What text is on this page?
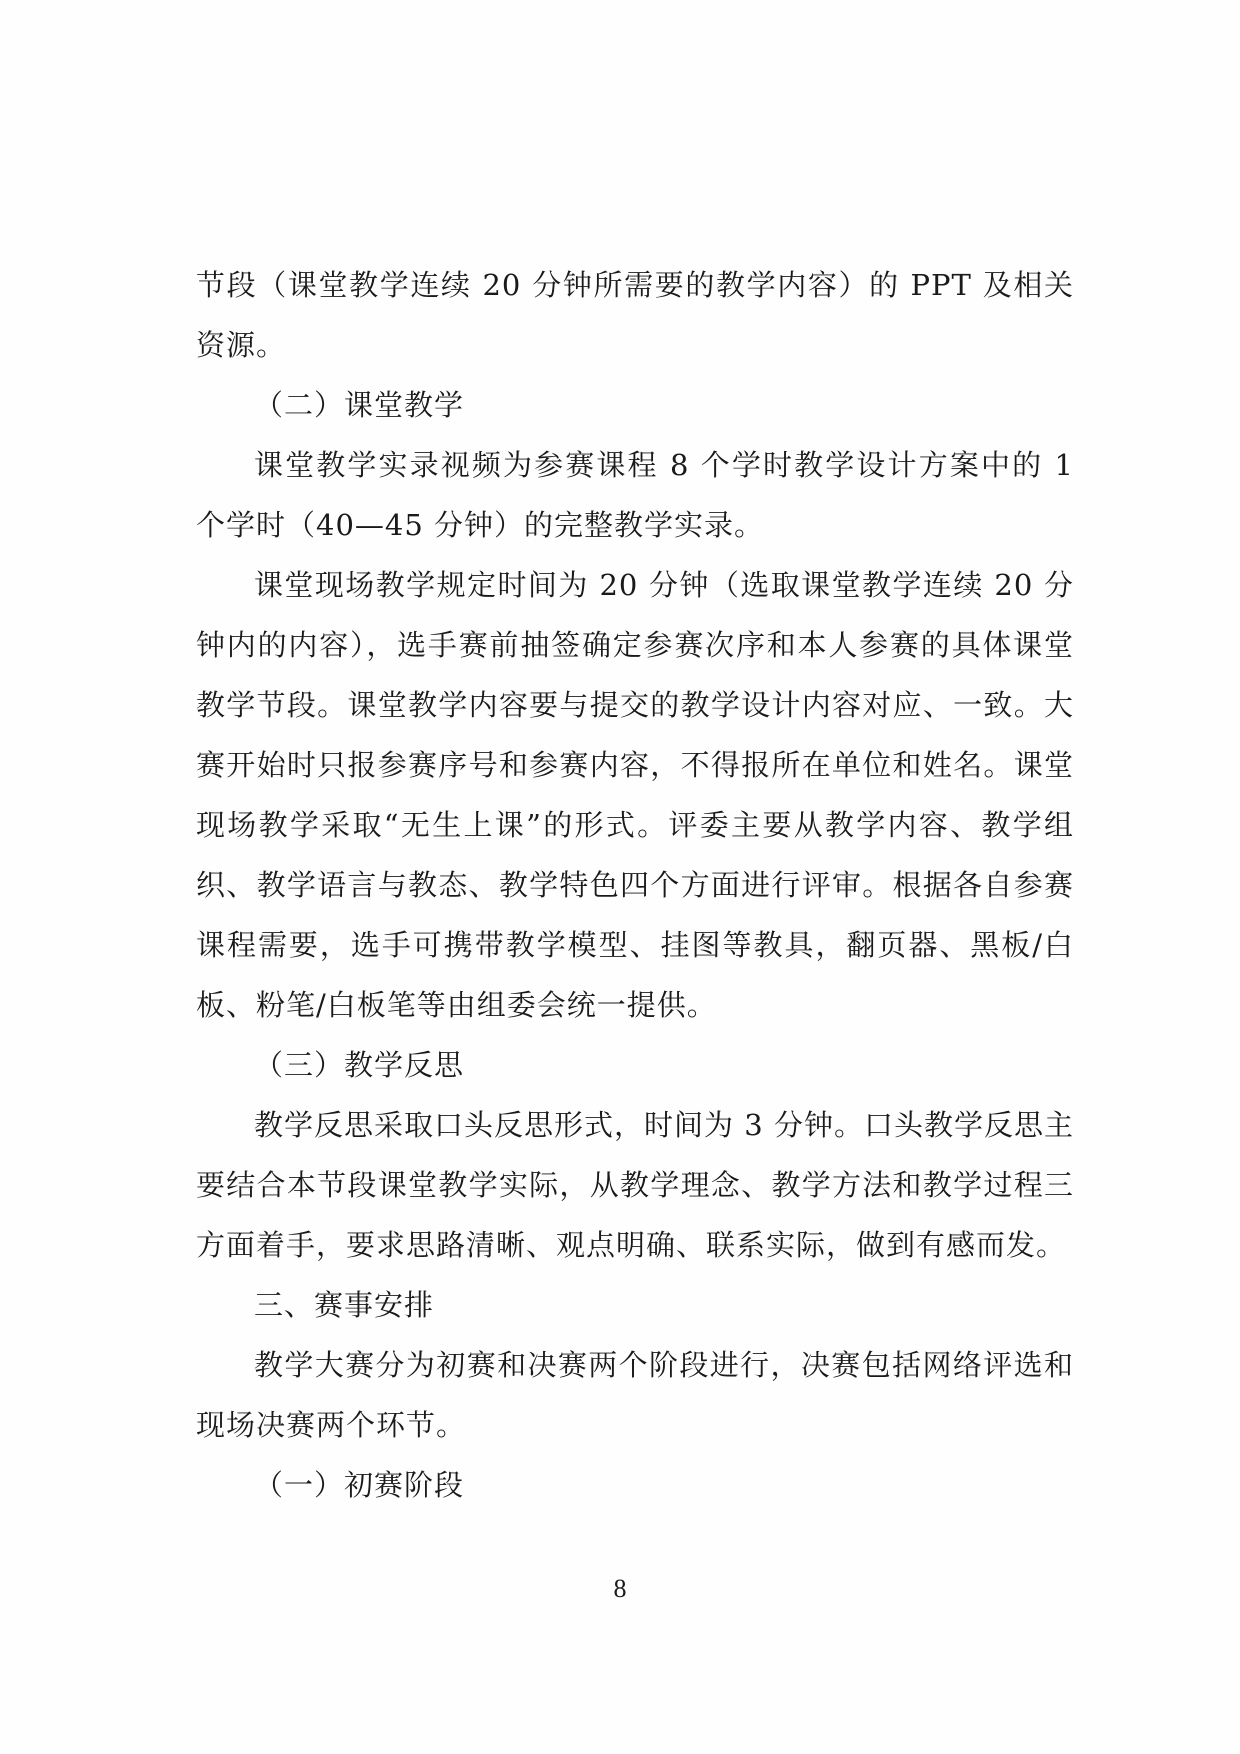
节段（课堂教学连续 20 分钟所需要的教学内容）的 PPT 及相关资源。

（二）课堂教学

课堂教学实录视频为参赛课程 8 个学时教学设计方案中的 1 个学时（40—45 分钟）的完整教学实录。

课堂现场教学规定时间为 20 分钟（选取课堂教学连续 20 分钟内的内容），选手赛前抽签确定参赛次序和本人参赛的具体课堂教学节段。课堂教学内容要与提交的教学设计内容对应、一致。大赛开始时只报参赛序号和参赛内容，不得报所在单位和姓名。课堂现场教学采取“无生上课”的形式。评委主要从教学内容、教学组织、教学语言与教态、教学特色四个方面进行评审。根据各自参赛课程需要，选手可携带教学模型、挂图等教具，翻页器、黑板/白板、粉笔/白板笔等由组委会统一提供。

（三）教学反思

教学反思采取口头反思形式，时间为 3 分钟。口头教学反思主要结合本节段课堂教学实际，从教学理念、教学方法和教学过程三方面着手，要求思路清晰、观点明确、联系实际，做到有感而发。

三、赛事安排

教学大赛分为初赛和决赛两个阶段进行，决赛包括网络评选和现场决赛两个环节。

（一）初赛阶段

8
